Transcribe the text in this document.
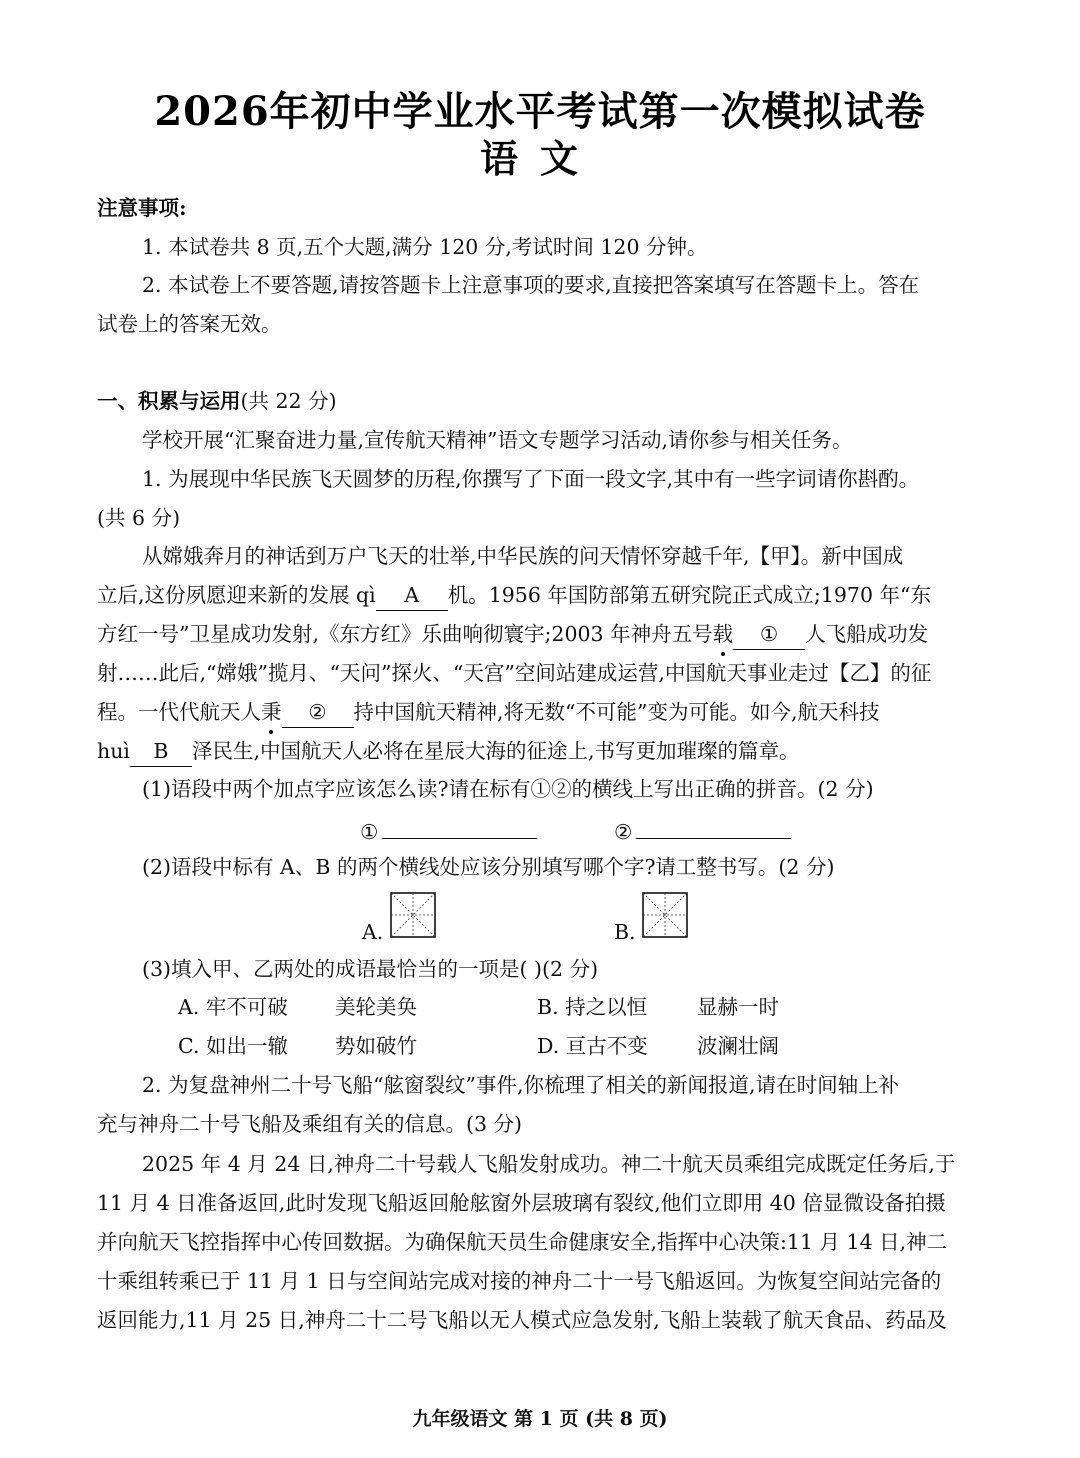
2026年初中学业水平考试第一次模拟试卷
语文
注意事项:
1. 本试卷共 8 页,五个大题,满分 120 分,考试时间 120 分钟。
2. 本试卷上不要答题,请按答题卡上注意事项的要求,直接把答案填写在答题卡上。答在
试卷上的答案无效。
一、积累与运用(共 22 分)
学校开展“汇聚奋进力量,宣传航天精神”语文专题学习活动,请你参与相关任务。
1. 为展现中华民族飞天圆梦的历程,你撰写了下面一段文字,其中有一些字词请你斟酌。
(共 6 分)
从嫦娥奔月的神话到万户飞天的壮举,中华民族的问天情怀穿越千年,【甲】。新中国成
立后,这份夙愿迎来新的发展 qì A 机。1956 年国防部第五研究院正式成立;1970 年“东
方红一号”卫星成功发射,《东方红》乐曲响彻寰宇;2003 年神舟五号载 ① 人飞船成功发
射……此后,“嫦娥”揽月、“天问”探火、“天宫”空间站建成运营,中国航天事业走过【乙】的征
程。一代代航天人秉 ② 持中国航天精神,将无数“不可能”变为可能。如今,航天科技
huì B 泽民生,中国航天人必将在星辰大海的征途上,书写更加璀璨的篇章。
(1)语段中两个加点字应该怎么读?请在标有①②的横线上写出正确的拼音。(2 分)
①	②
(2)语段中标有 A、B 的两个横线处应该分别填写哪个字?请工整书写。(2 分)
A.	B.
(3)填入甲、乙两处的成语最恰当的一项是( )(2 分)
A. 牢不可破 美轮美奂	B. 持之以恒 显赫一时
C. 如出一辙 势如破竹	D. 亘古不变 波澜壮阔
2. 为复盘神州二十号飞船“舷窗裂纹”事件,你梳理了相关的新闻报道,请在时间轴上补
充与神舟二十号飞船及乘组有关的信息。(3 分)
2025 年 4 月 24 日,神舟二十号载人飞船发射成功。神二十航天员乘组完成既定任务后,于
11 月 4 日准备返回,此时发现飞船返回舱舷窗外层玻璃有裂纹,他们立即用 40 倍显微设备拍摄
并向航天飞控指挥中心传回数据。为确保航天员生命健康安全,指挥中心决策:11 月 14 日,神二
十乘组转乘已于 11 月 1 日与空间站完成对接的神舟二十一号飞船返回。为恢复空间站完备的
返回能力,11 月 25 日,神舟二十二号飞船以无人模式应急发射,飞船上装载了航天食品、药品及
九年级语文 第 1 页 (共 8 页)
